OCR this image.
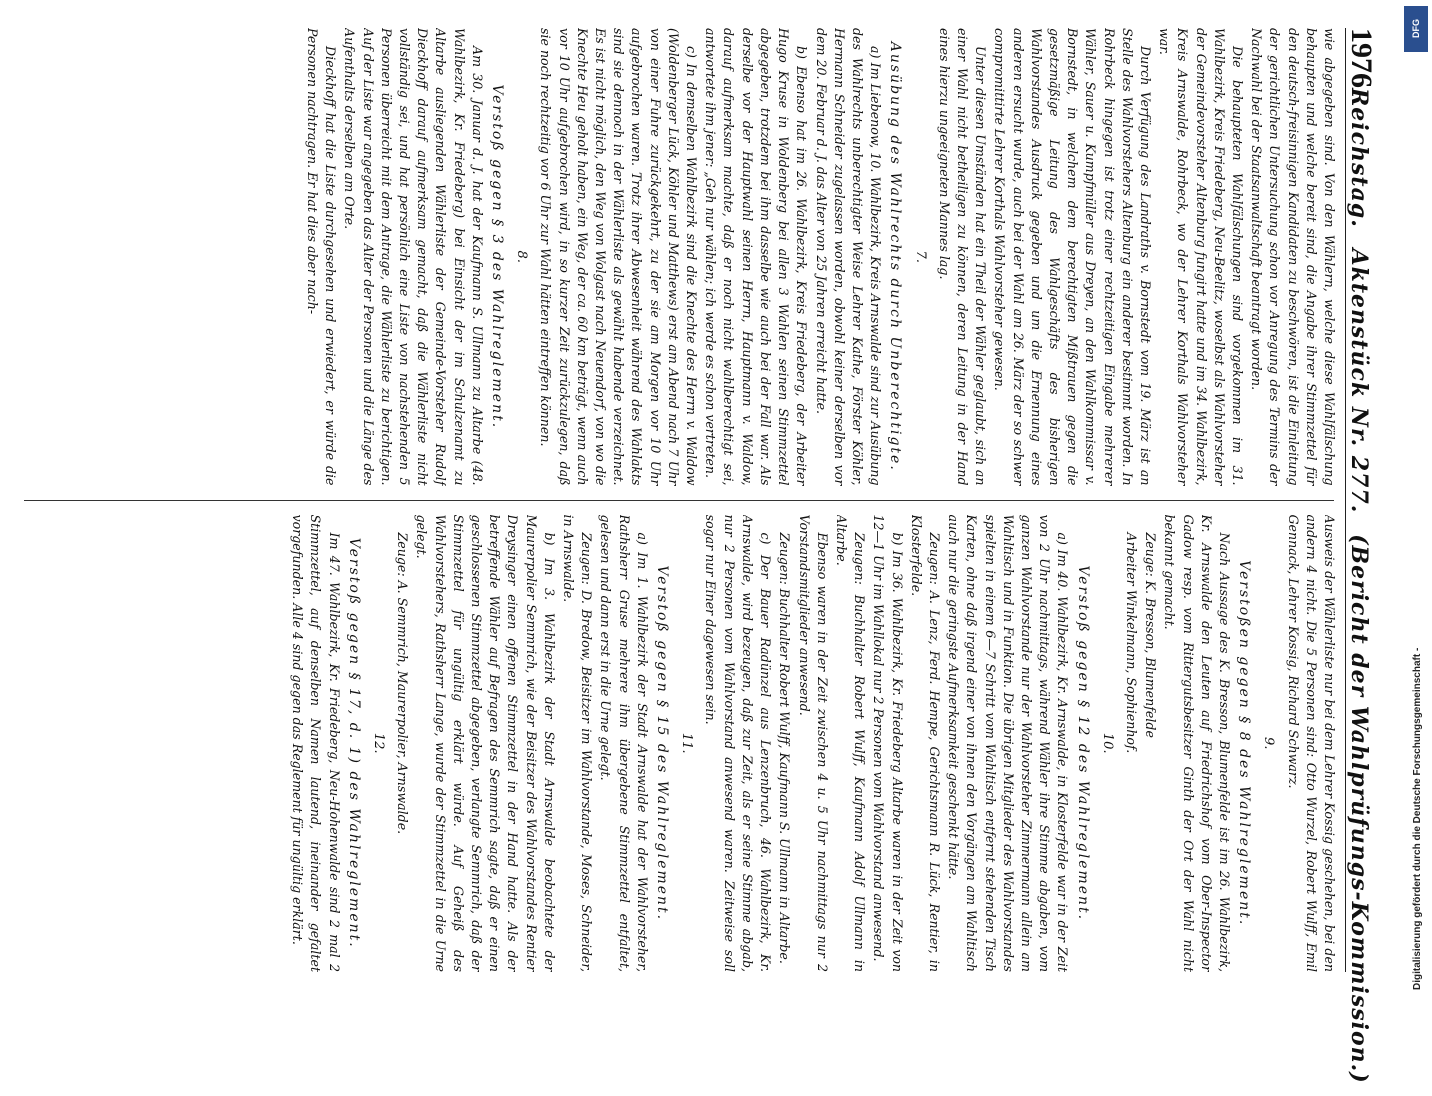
1976
Reichstag. Aktenstück Nr. 277. (Bericht der Wahlprüfungs-Kommission.)

wie abgegeben sind. Von den Wählern, welche diese Wahlfälschung behaupten und welche bereit sind, die Angabe ihrer Stimmzettel für den deutsch-freisinnigen Kandidaten zu beschwören, ist die Einleitung der gerichtlichen Untersuchung schon vor Anregung des Termins der Nachwahl bei der Staatsanwaltschaft beantragt worden.

Die behaupteten Wahlfälschungen sind vorgekommen im 31. Wahlbezirk, Kreis Friedeberg, Neu-Beelitz, woselbst als Wahlvorsteher der Gemeindevorsteher Altenburg fungirt hatte und im 34. Wahlbezirk, Kreis Arnswalde, Rohrbeck, wo der Lehrer Korthals Wahlvorsteher war.

Durch Verfügung des Landraths v. Bornstedt vom 19. März ist an Stelle des Wahlvorstehers Altenburg ein anderer bestimmt worden. In Rohrbeck hingegen ist trotz einer rechtzeitigen Eingabe mehrerer Wähler, Sauer u. Kumpfmüller aus Dreyen, an den Wahlkommissar v. Bornstedt, in welchem dem berechtigten Mißtrauen gegen die gesetzmäßige Leitung des Wahlgeschäfts des bisherigen Wahlvorstandes Ausdruck gegeben und um die Ernennung eines anderen ersucht wurde, auch bei der Wahl am 26. März der so schwer compromittirte Lehrer Korthals Wahlvorsteher gewesen.

Unter diesen Umständen hat ein Theil der Wähler geglaubt, sich an einer Wahl nicht betheiligen zu können, deren Leitung in der Hand eines hierzu ungeeigneten Mannes lag.

7.
Ausübung des Wahlrechts durch Unberechtigte.

a) Im Liebenow, 10. Wahlbezirk, Kreis Arnswalde sind zur Ausübung des Wahlrechts unberechtigter Weise Lehrer Kathe, Förster Köhler, Hermann Schneider zugelassen worden, obwohl keiner derselben vor dem 20. Februar d. J. das Alter von 25 Jahren erreicht hatte.

b) Ebenso hat im 26. Wahlbezirk, Kreis Friedeberg, der Arbeiter Hugo Kruse in Woldenberg bei allen 3 Wahlen seinen Stimmzettel abgegeben, trotzdem bei ihm dasselbe wie auch bei der Fall war. Als derselbe vor der Hauptwahl seinen Herrn, Hauptmann v. Waldow, darauf aufmerksam machte, daß er noch nicht wahlberechtigt sei, antwortete ihm jener: „Geh nur wählen; ich werde es schon vertreten.

c) In demselben Wahlbezirk sind die Knechte des Herrn v. Waldow (Woldenberger Lück, Köhler und Matthews) erst am Abend nach 7 Uhr von einer Fuhre zurückgekehrt, zu der sie am Morgen vor 10 Uhr aufgebrochen waren. Trotz ihrer Abwesenheit während des Wahlakts sind sie dennoch in der Wählerliste als gewählt habende verzeichnet. Es ist nicht möglich, den Weg von Wolgast nach Neuendorf, von wo die Knechte Heu geholt haben, ein Weg, der ca. 60 km beträgt, wenn auch vor 10 Uhr aufgebrochen wird, in so kurzer Zeit zurückzulegen, daß sie noch rechtzeitig vor 6 Uhr zur Wahl hätten eintreffen können.

8.
Verstoß gegen § 3 des Wahlreglement.

Am 30. Januar d. J. hat der Kaufmann S. Ullmann zu Altarbe (48. Wahlbezirk, Kr. Friedeberg) bei Einsicht der im Schulzenamt zu Altarbe ausliegenden Wählerliste der Gemeinde-Vorsteher Rudolf Dieckhoff darauf aufmerksam gemacht, daß die Wählerliste nicht vollständig sei, und hat persönlich eine Liste von nachstehenden 5 Personen überreicht mit dem Antrage, die Wählerliste zu berichtigen. Auf der Liste war angegeben das Alter der Personen und die Länge des Aufenthalts derselben am Orte.

Dieckhoff hat die Liste durchgesehen und erwiedert, er würde die Personen nachtragen. Er hat dies aber nach-

Ausweis der Wählerliste nur bei dem Lehrer Kossig geschehen, bei den andern 4 nicht. Die 5 Personen sind: Otto Wurzel, Robert Wulff, Emil Gennack, Lehrer Kossig, Richard Schwarz.

9.
Verstoßen gegen § 8 des Wahlreglement.

Nach Aussage des K. Bresson, Blumenfelde ist im 26. Wahlbezirk, Kr. Arnswalde den Leuten auf Friedrichshof vom Ober-Inspector Gadow resp. vom Rittergutsbesitzer Ginth der Ort der Wahl nicht bekannt gemacht.

Zeuge: K. Bresson, Blumenfelde

Arbeiter Winkelmann, Sophienhof.

10.
Verstoß gegen § 12 des Wahlreglement.

a) Im 40. Wahlbezirk, Kr. Arnswalde, in Klosterfelde war in der Zeit von 2 Uhr nachmittags, während Wähler ihre Stimme abgaben, vom ganzen Wahlvorstande nur der Wahlvorsteher Zimmermann allein am Wahltisch und in Funktion. Die übrigen Mitglieder des Wahlvorstandes spielten in einem 6—7 Schritt vom Wahltisch entfernt stehenden Tisch Karten, ohne daß irgend einer von ihnen den Vorgängen am Wahltisch auch nur die geringste Aufmerksamkeit geschenkt hätte.

Zeugen: A. Lenz, Ferd. Hempe, Gerichtsmann R. Lück, Rentier, in Klosterfelde.

b) Im 36. Wahlbezirk, Kr. Friedeberg Altarbe waren in der Zeit von 12—1 Uhr im Wahllokal nur 2 Personen vom Wahlvorstand anwesend.

Zeugen: Buchhalter Robert Wulff, Kaufmann Adolf Ullmann in Altarbe.

Ebenso waren in der Zeit zwischen 4 u. 5 Uhr nachmittags nur 2 Vorstandsmitglieder anwesend.

Zeugen: Buchhalter Robert Wulff, Kaufmann S. Ullmann in Altarbe.

c) Der Bauer Radünzel aus Lenzenbruch, 46. Wahlbezirk, Kr. Arnswalde, wird bezeugen, daß zur Zeit, als er seine Stimme abgab, nur 2 Personen vom Wahlvorstand anwesend waren. Zeitweise soll sogar nur Einer dagewesen sein.

11.
Verstoß gegen § 15 des Wahlreglement.

a) Im 1. Wahlbezirk der Stadt Arnswalde hat der Wahlvorsteher, Rathsherr Gruse mehrere ihm übergebene Stimmzettel entfaltet, gelesen und dann erst in die Urne gelegt.

Zeugen: D. Bredow, Beisitzer im Wahlvorstande, Moses, Schneider, in Arnswalde.

b) Im 3. Wahlbezirk der Stadt Arnswalde beobachtete der Maurerpolier Semmrich, wie der Beisitzer des Wahlvorstandes Rentier Dreysinger einen offenen Stimmzettel in der Hand hatte. Als der betreffende Wähler auf Befragen des Semmrich sagte, daß er einen geschlossenen Stimmzettel abgegeben, verlangte Semmrich, daß der Stimmzettel für ungültig erklärt würde. Auf Geheiß des Wahlvorstehers, Rathsherr Lange, wurde der Stimmzettel in die Urne gelegt.

Zeuge: A. Semmrich, Maurerpolier, Arnswalde.

12.
Verstoß gegen § 17, d. 1) des Wahlreglement.

Im 47. Wahlbezirk, Kr. Friedeberg, Neu-Hohenwalde sind 2 mal 2 Stimmzettel, auf denselben Namen lautend, ineinander gefaltet vorgefunden. Alle 4 sind gegen das Reglement für ungültig erklärt.

DFG
Digitalisierung gefördert durch die Deutsche Forschungsgemeinschaft -
